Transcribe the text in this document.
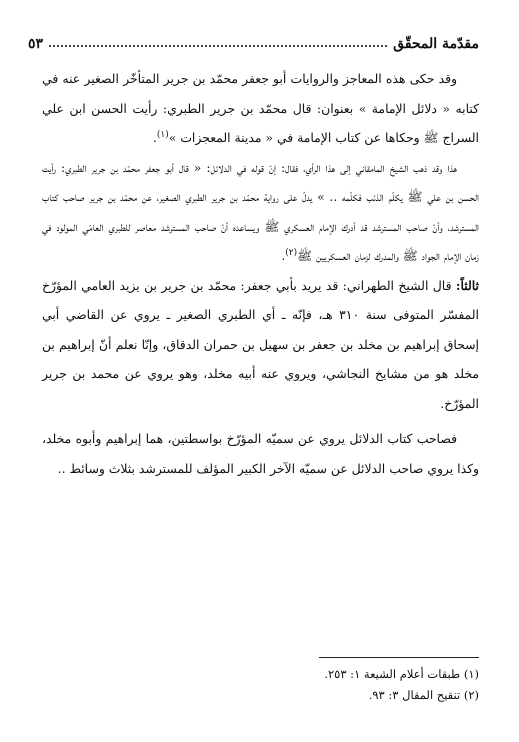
مقدّمة المحقّق
٥٣

وقد حكى هذه المعاجز والروايات أبو جعفر محمّد بن جرير المتأخّر الصغير عنه في كتابه « دلائل الإمامة » بعنوان: قال محمّد بن جرير الطبري: رأيت الحسن ابن علي السراج ﷺ وحكاها عن كتاب الإمامة في « مدينة المعجزات »$^{(١)}$.

هذا وقد ذهب الشيخ المامقاني إلى هذا الرأي، فقال: إنّ قوله في الدلائل: « قال أبو جعفر محمّد بن جرير الطبري: رأيت الحسن بن علي ﷺ يكلّم الذئب فكلّمه .. » يدلّ على رواية محمّد بن جرير الطبري الصغير، عن محمّد بن جرير صاحب كتاب المسترشد، وأنّ صاحب المسترشد قد أدرك الإمام العسكري ﷺ ويساعده أنّ صاحب المسترشد معاصر للطبري العامّي المولود في زمان الإمام الجواد ﷺ والمدرك لزمان العسكريين ﷺ$^{(٢)}$.

ثالثاً: قال الشيخ الطهراني: قد يريد بأبي جعفر: محمّد بن جرير بن يزيد العامي المؤرّخ المفسّر المتوفى سنة ٣١٠ هـ، فإنّه ـ أي الطبري الصغير ـ يروي عن القاضي أبي إسحاق إبراهيم بن مخلد بن جعفر بن سهيل بن حمران الدقاق، وإنّا نعلم أنّ إبراهيم بن مخلد هو من مشايخ النجاشي، ويروي عنه أبيه مخلد، وهو يروي عن محمد بن جرير المؤرّخ.

فصاحب كتاب الدلائل يروي عن سميّه المؤرّخ بواسطتين، هما إبراهيم وأبوه مخلد، وكذا يروي صاحب الدلائل عن سميّه الآخر الكبير المؤلف للمسترشد بثلاث وسائط ..

(١) طبقات أعلام الشيعة ١: ٢٥٣.
(٢) تنقيح المقال ٣: ٩٣.
